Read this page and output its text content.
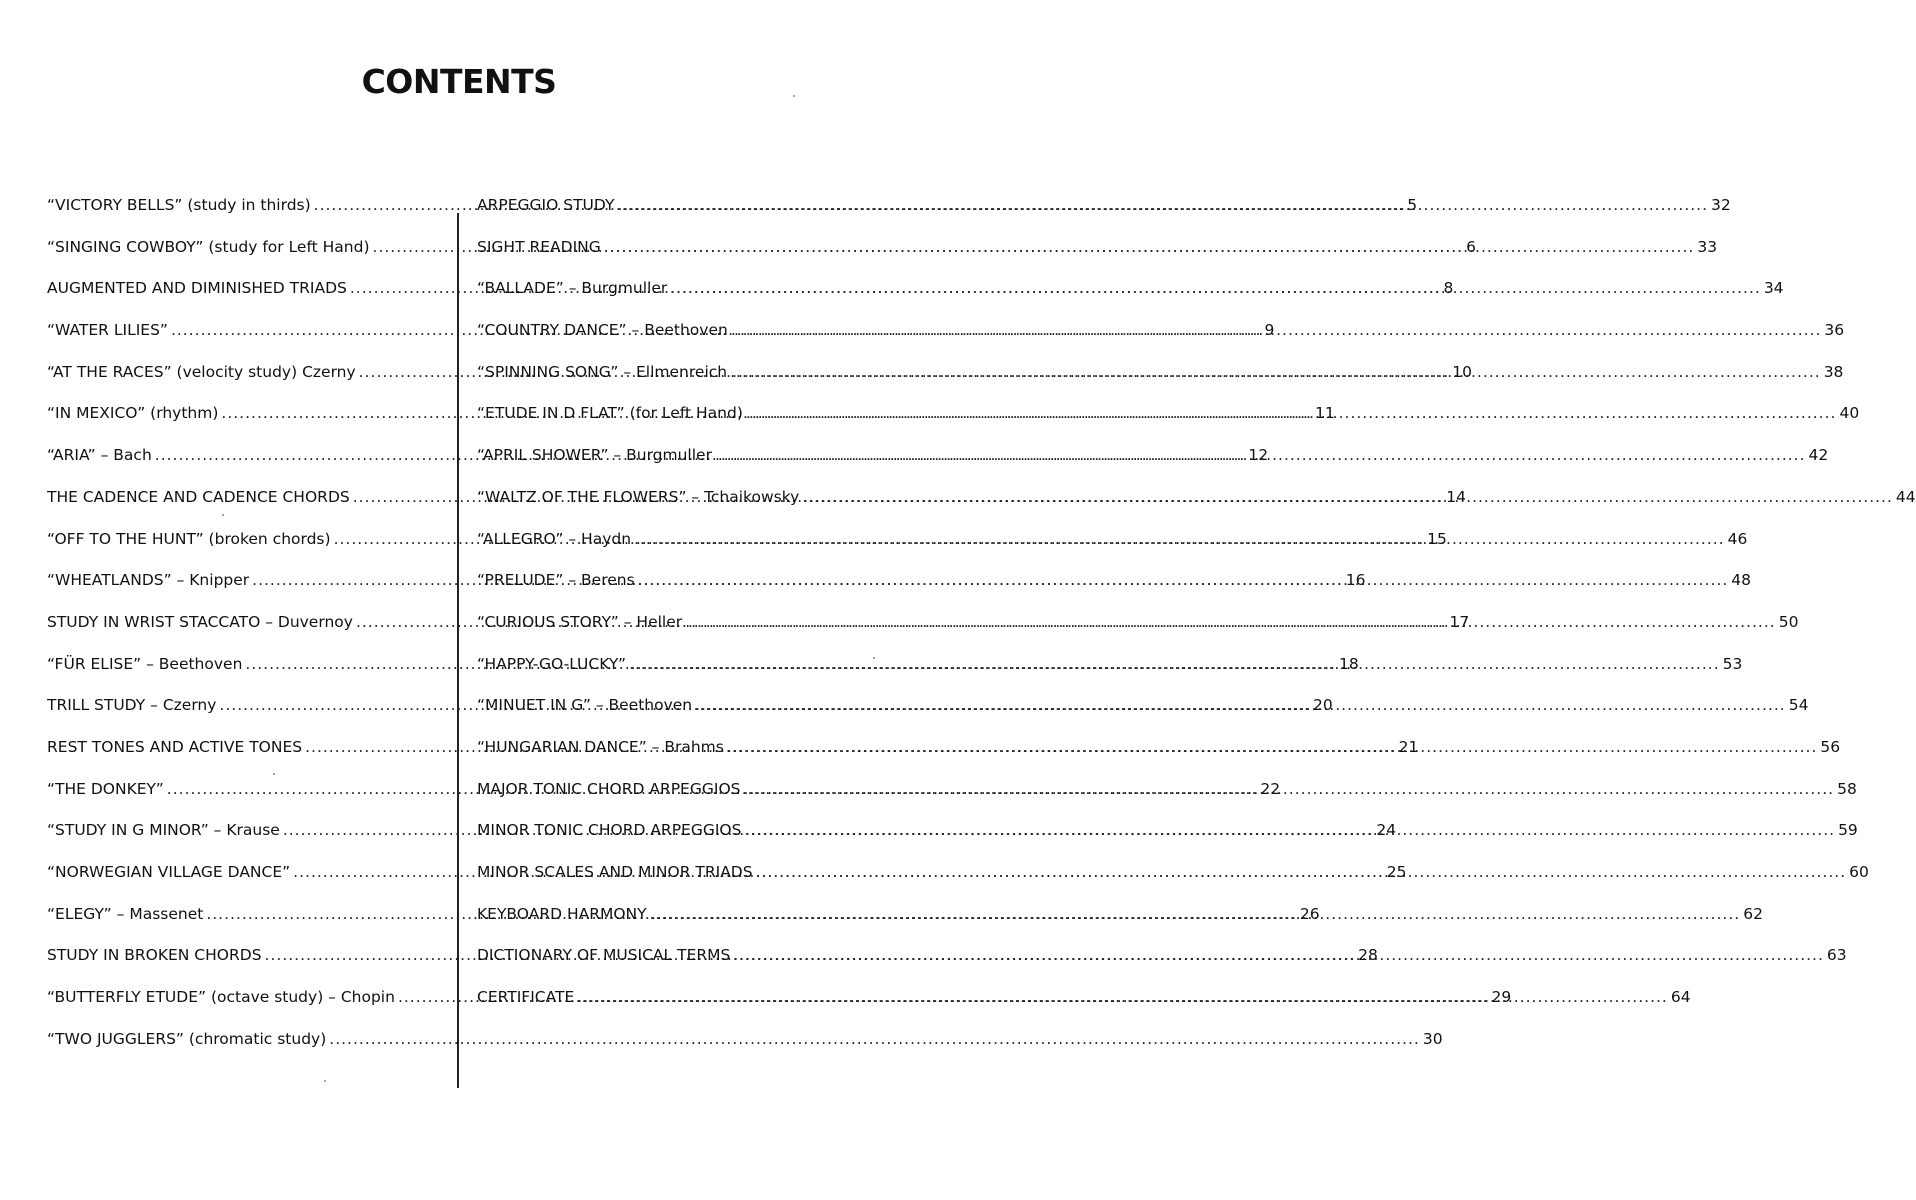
CONTENTS
“VICTORY BELLS” (study in thirds) .....	5
“SINGING COWBOY” (study for Left Hand) .....	6
AUGMENTED AND DIMINISHED TRIADS .....	8
“WATER LILIES” .....	9
“AT THE RACES” (velocity study) Czerny .....	10
“IN MEXICO” (rhythm) .....	11
“ARIA” – Bach .....	12
THE CADENCE AND CADENCE CHORDS .....	14
“OFF TO THE HUNT” (broken chords) .....	15
“WHEATLANDS” – Knipper .....	16
STUDY IN WRIST STACCATO – Duvernoy .....	17
“FÜR ELISE” – Beethoven .....	18
TRILL STUDY – Czerny .....	20
REST TONES AND ACTIVE TONES .....	21
“THE DONKEY” .....	22
“STUDY IN G MINOR” – Krause .....	24
“NORWEGIAN VILLAGE DANCE” .....	25
“ELEGY” – Massenet .....	26
STUDY IN BROKEN CHORDS .....	28
“BUTTERFLY ETUDE” (octave study) – Chopin .....	29
“TWO JUGGLERS” (chromatic study) .....	30
ARPEGGIO STUDY .....	32
SIGHT READING .....	33
“BALLADE” – Burgmuller .....	34
“COUNTRY DANCE” – Beethoven .....	36
“SPINNING SONG” – Ellmenreich .....	38
“ETUDE IN D FLAT” (for Left Hand) .....	40
“APRIL SHOWER” – Burgmuller .....	42
“WALTZ OF THE FLOWERS” – Tchaikowsky .....	44
“ALLEGRO” – Haydn .....	46
“PRELUDE” – Berens .....	48
“CURIOUS STORY” – Heller .....	50
“HAPPY-GO-LUCKY” .....	53
“MINUET IN G” – Beethoven .....	54
“HUNGARIAN DANCE” – Brahms .....	56
MAJOR TONIC CHORD ARPEGGIOS .....	58
MINOR TONIC CHORD ARPEGGIOS .....	59
MINOR SCALES AND MINOR TRIADS .....	60
KEYBOARD HARMONY .....	62
DICTIONARY OF MUSICAL TERMS .....	63
CERTIFICATE .....	64
